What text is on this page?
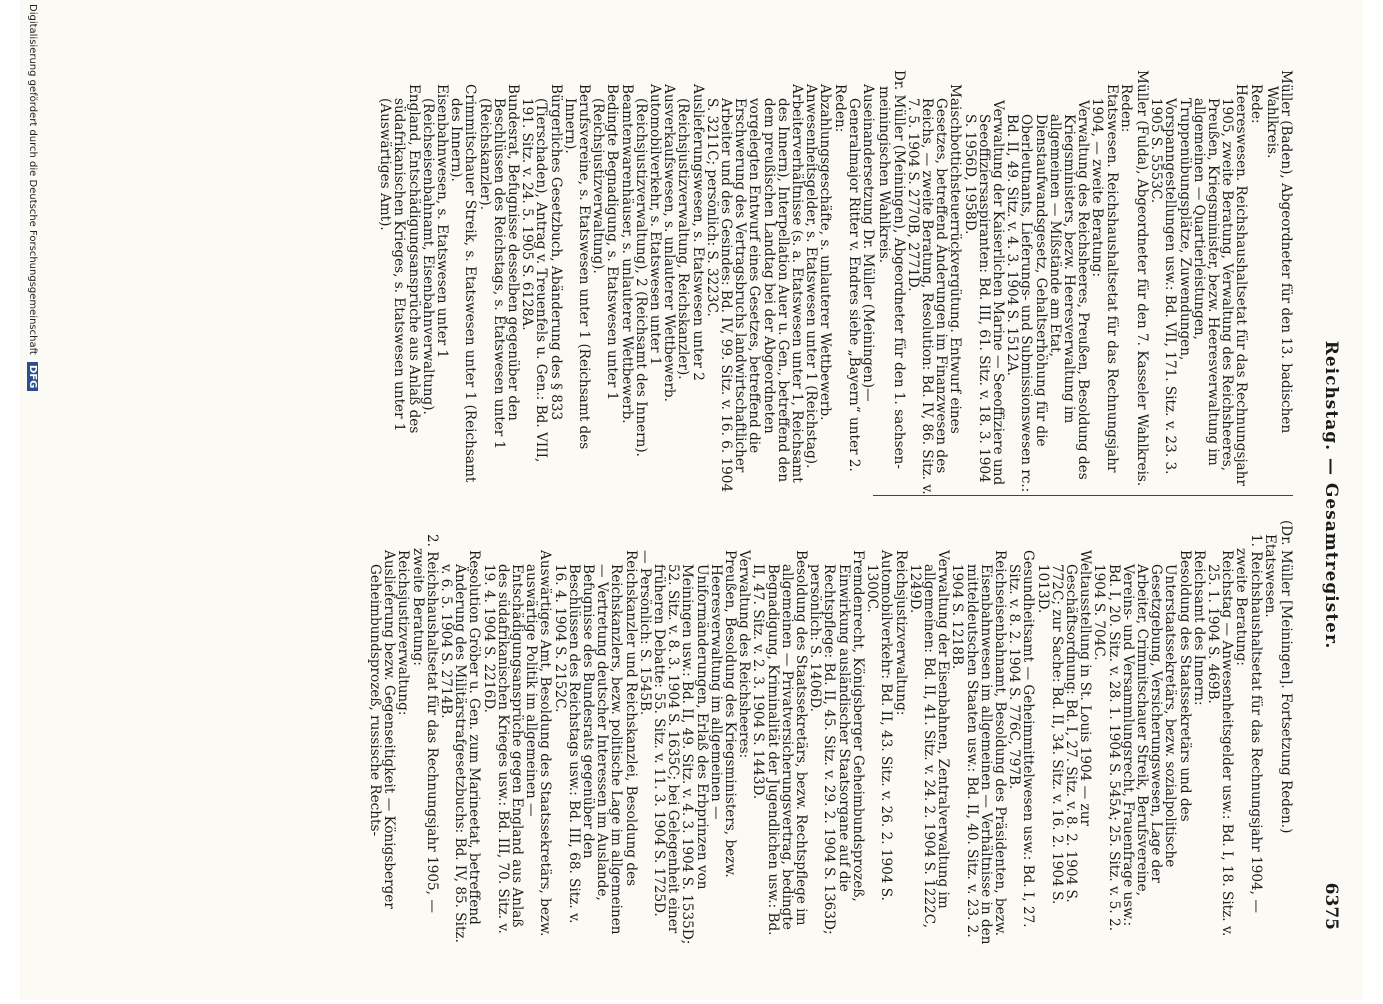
Reichstag. — Gesamtregister.
6375
Müller (Baden), Abgeordneter für den 13. badischen Wahlkreis.
Rede:
Heereswesen. Reichshaushaltsetat für das Rechnungsjahr 1905, zweite Beratung, Verwaltung des Reichsheeres, Preußen, Kriegsminister, bezw. Heeresverwaltung im allgemeinen — Quartierleistungen, Truppenübungsplätze, Zuwendungen, Vorspanngestellungen usw.: Bd. VII, 171. Sitz. v. 23. 3. 1905 S. 5553C.
Müller (Fulda), Abgeordneter für den 7. Kasseler Wahlkreis.
Reden:
Etatswesen. Reichshaushaltsetat für das Rechnungsjahr 1904, — zweite Beratung:
Verwaltung des Reichsheeres, Preußen, Besoldung des Kriegsministers, bezw. Heeresverwaltung im allgemeinen — Mißstände am Etat, Dienstaufwandsgesetz, Gehaltserhöhung für die Oberleutnants, Lieferungs- und Submissionswesen rc.: Bd. II, 49. Sitz. v. 4. 3. 1904 S. 1512A.
Verwaltung der Kaiserlichen Marine — Seeoffiziere und Seeoffiziersaspiranten: Bd. III, 61. Sitz. v. 18. 3. 1904 S. 1956D, 1958D.
Maischbottichsteuerrückvergütung. Entwurf eines Gesetzes, betreffend Änderungen im Finanzwesen des Reichs, — zweite Beratung, Resolution: Bd. IV, 86. Sitz. v. 7. 5. 1904 S. 2770B, 2771D.
Dr. Müller (Meiningen), Abgeordneter für den 1. sachsen-meiningischen Wahlkreis.
Auseinandersetzung Dr. Müller (Meiningen)—Generalmajor Ritter v. Endres siehe „Bayern“ unter 2.
Reden:
Abzahlungsgeschäfte, s. unlauterer Wettbewerb.
Anwesenheitsgelder, s. Etatswesen unter 1 (Reichstag).
Arbeiterverhältnisse (s. a. Etatswesen unter 1, Reichsamt des Innern), Interpellation Auer u. Gen., betreffend den dem preußischen Landtag bei der Abgeordneten vorgelegten Entwurf eines Gesetzes, betreffend die Erschwerung des Vertragsbruchs landwirtschaftlicher Arbeiter und des Gesindes: Bd. IV, 99. Sitz. v. 16. 6. 1904 S. 3211C; persönlich: S. 3223C.
Auslieferungswesen, s. Etatswesen unter 2 (Reichsjustizverwaltung, Reichskanzler).
Ausverkaufswesen, s. unlauterer Wettbewerb.
Automobilverkehr, s. Etatswesen unter 1 (Reichsjustizverwaltung), 2 (Reichsamt des Innern).
Beamtenwarenhäuser, s. unlauterer Wettbewerb.
Bedingte Begnadigung, s. Etatswesen unter 1 (Reichsjustizverwaltung).
Berufsvereine, s. Etatswesen unter 1 (Reichsamt des Innern).
Bürgerliches Gesetzbuch, Abänderung des § 833 (Tierschaden), Antrag v. Treuenfels u. Gen.: Bd. VIII, 191. Sitz. v. 24. 5. 1905 S. 6128A.
Bundesrat, Befugnisse desselben gegenüber den Beschlüssen des Reichstags, s. Etatswesen unter 1 (Reichskanzler).
Crimmitschauer Streik, s. Etatswesen unter 1 (Reichsamt des Innern).
Eisenbahnwesen, s. Etatswesen unter 1 (Reichseisenbahnamt, Eisenbahnverwaltung).
England, Entschädigungsansprüche aus Anlaß des südafrikanischen Krieges, s. Etatswesen unter 1 (Auswärtiges Amt).
(Dr. Müller [Meiningen]. Fortsetzung Reden.)
Etatswesen.
1. Reichshaushaltsetat für das Rechnungsjahr 1904, — zweite Beratung:
Reichstag — Anwesenheitsgelder usw.: Bd. I, 18. Sitz. v. 25. 1. 1904 S. 469B.
Reichsamt des Innern:
Besoldung des Staatssekretärs und des Unterstaatssekretärs, bezw. sozialpolitische Gesetzgebung, Versicherungswesen, Lage der Arbeiter, Crimmitschauer Streik, Berufsvereine, Vereins- und Versammlungsrecht, Frauenfrage usw.: Bd. I, 20. Sitz. v. 28. 1. 1904 S. 545A; 25. Sitz. v. 5. 2. 1904 S. 704C.
Weltausstellung in St. Louis 1904 — zur Geschäftsordnung: Bd. I, 27. Sitz. v. 8. 2. 1904 S. 772C; zur Sache: Bd. II, 34. Sitz. v. 16. 2. 1904 S. 1013D.
Gesundheitsamt — Geheimmittelwesen usw.: Bd. I, 27. Sitz. v. 8. 2. 1904 S. 776C, 797B.
Reichseisenbahnamt, Besoldung des Präsidenten, bezw. Eisenbahnwesen im allgemeinen — Verhältnisse in den mitteldeutschen Staaten usw.: Bd. II, 40. Sitz. v. 23. 2. 1904 S. 1218B.
Verwaltung der Eisenbahnen, Zentralverwaltung im allgemeinen: Bd. II, 41. Sitz. v. 24. 2. 1904 S. 1222C, 1249D.
Reichsjustizverwaltung:
Automobilverkehr: Bd. II, 43. Sitz. v. 26. 2. 1904 S. 1300C.
Fremdenrecht, Königsberger Geheimbundsprozeß, Einwirkung ausländischer Staatsorgane auf die Rechtspflege: Bd. II, 45. Sitz. v. 29. 2. 1904 S. 1363D; persönlich: S. 1406D.
Besoldung des Staatssekretärs, bezw. Rechtspflege im allgemeinen — Privatversicherungsvertrag, bedingte Begnadigung, Kriminalität der Jugendlichen usw.: Bd. II, 47. Sitz. v. 2. 3. 1904 S. 1443D.
Verwaltung des Reichsheeres:
Preußen, Besoldung des Kriegsministers, bezw. Heeresverwaltung im allgemeinen — Uniformänderungen, Erlaß des Erbprinzen von Meiningen usw.: Bd. II, 49. Sitz. v. 4. 3. 1904 S. 1535D; 52. Sitz. v. 8. 3. 1904 S. 1635C; bei Gelegenheit einer früheren Debatte: 55. Sitz. v. 11. 3. 1904 S. 1725D.
— Persönlich: S. 1545B.
Reichskanzler und Reichskanzlei, Besoldung des Reichskanzlers, bezw. politische Lage im allgemeinen — Vertretung deutscher Interessen im Auslande, Befugnisse des Bundesrats gegenüber den Beschlüssen des Reichstags usw.: Bd. III, 68. Sitz. v. 16. 4. 1904 S. 2152C.
Auswärtiges Amt, Besoldung des Staatssekretärs, bezw. auswärtige Politik im allgemeinen — Entschädigungsansprüche gegen England aus Anlaß des südafrikanischen Krieges usw.: Bd. III, 70. Sitz. v. 19. 4. 1904 S. 2216D.
Resolution Gröber u. Gen. zum Marineetat, betreffend Änderung des Militärstrafgesetzbuchs: Bd. IV, 85. Sitz. v. 6. 5. 1904 S. 2714B.
2. Reichshaushaltsetat für das Rechnungsjahr 1905, — zweite Beratung:
Reichsjustizverwaltung:
Auslieferung bezw. Gegenseitigkeit — Königsberger Geheimbundsprozeß, russische Rechts-
Digitalisierung gefördert durch die Deutsche Forschungsgemeinschaft DFG
